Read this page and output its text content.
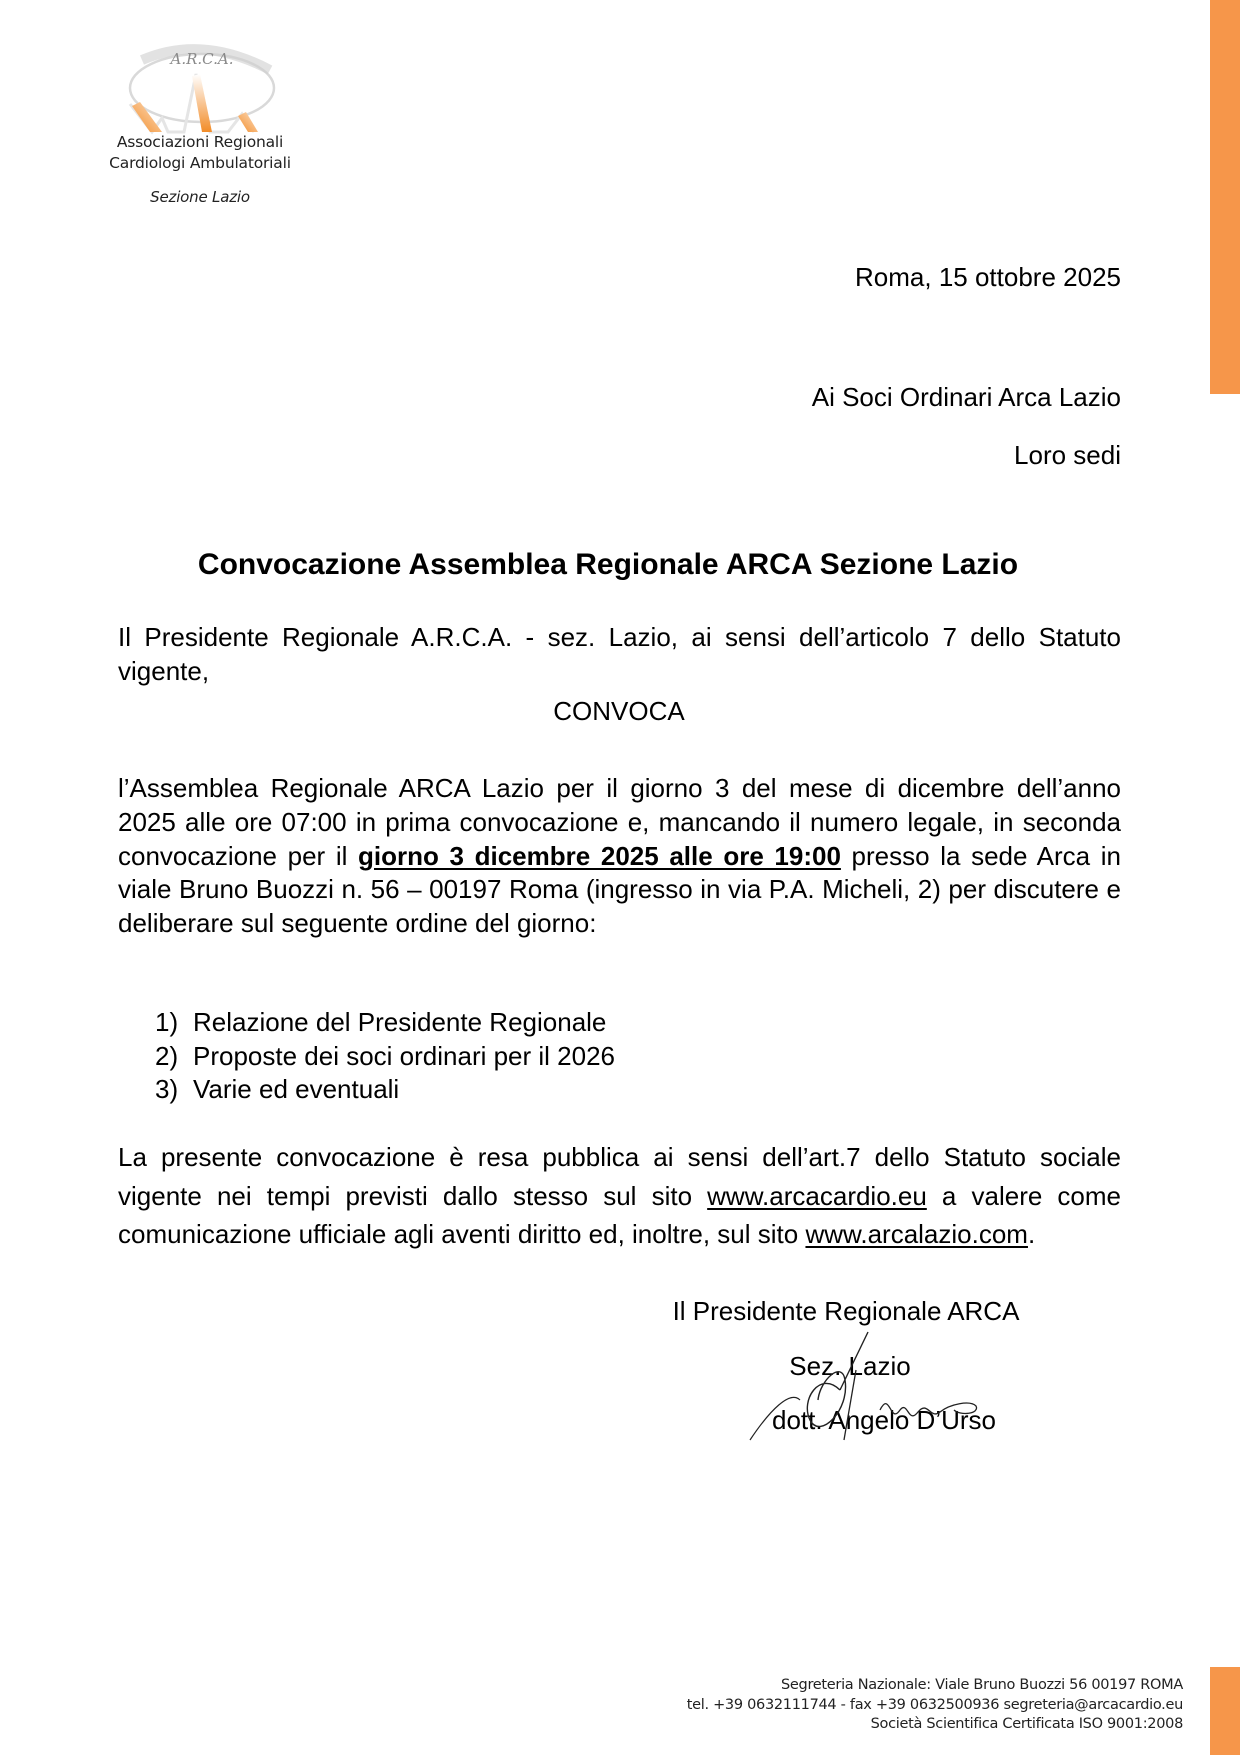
A.R.C.A.
Associazioni Regionali
Cardiologi Ambulatoriali
Sezione Lazio
Roma, 15 ottobre 2025
Ai Soci Ordinari Arca Lazio
Loro sedi
Convocazione Assemblea Regionale ARCA Sezione Lazio
Il Presidente Regionale A.R.C.A. - sez. Lazio, ai sensi dell’articolo 7 dello Statuto vigente,
CONVOCA
l’Assemblea Regionale ARCA Lazio per il giorno 3 del mese di dicembre dell’anno 2025 alle ore 07:00 in prima convocazione e, mancando il numero legale, in seconda convocazione per il giorno 3 dicembre 2025 alle ore 19:00 presso la sede Arca in viale Bruno Buozzi n. 56 – 00197 Roma (ingresso in via P.A. Micheli, 2) per discutere e deliberare sul seguente ordine del giorno:
1) Relazione del Presidente Regionale
2) Proposte dei soci ordinari per il 2026
3) Varie ed eventuali
La presente convocazione è resa pubblica ai sensi dell’art.7 dello Statuto sociale vigente nei tempi previsti dallo stesso sul sito www.arcacardio.eu a valere come comunicazione ufficiale agli aventi diritto ed, inoltre, sul sito www.arcalazio.com.
Il Presidente Regionale ARCA
Sez. Lazio
dott. Angelo D’Urso
Segreteria Nazionale: Viale Bruno Buozzi 56 00197 ROMA
tel. +39 0632111744 - fax +39 0632500936 segreteria@arcacardio.eu
Società Scientifica Certificata ISO 9001:2008
